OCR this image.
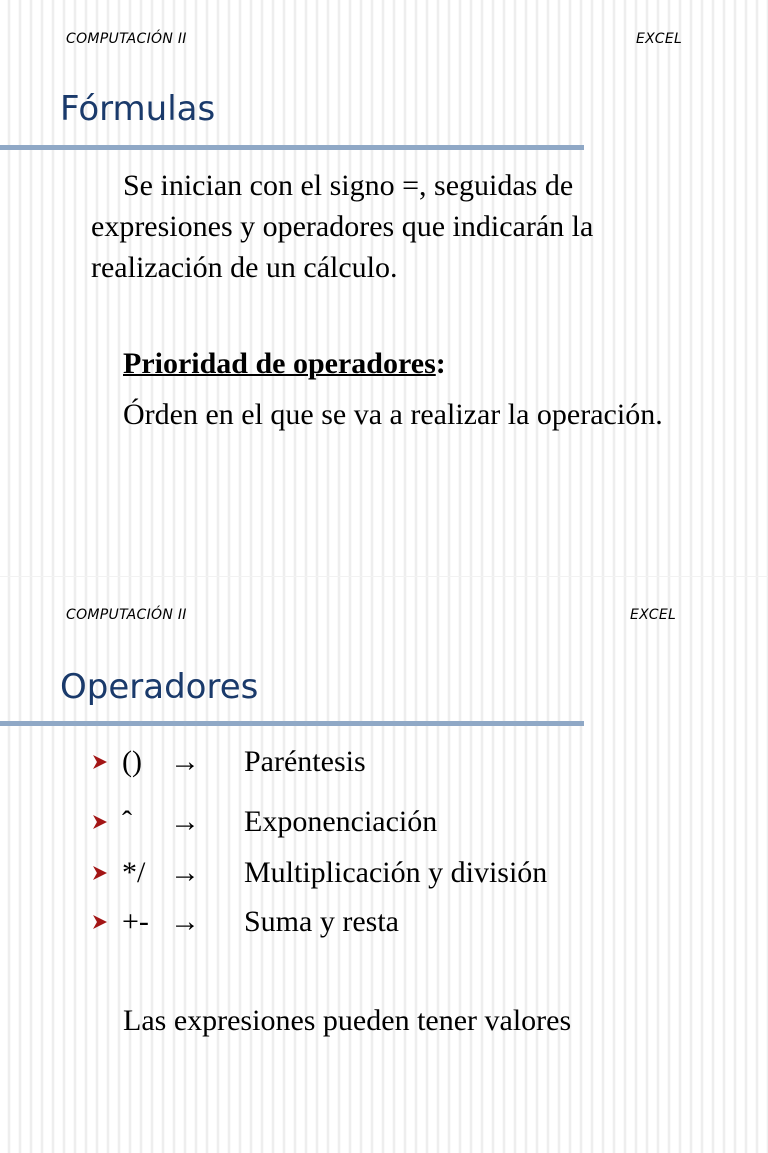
COMPUTACIÓN II	EXCEL
Fórmulas

Se inician con el signo =, seguidas de expresiones y operadores que indicarán la realización de un cálculo.

Prioridad de operadores:

Órden en el que se va a realizar la operación.

COMPUTACIÓN II	EXCEL
Operadores
() → Paréntesis
ˆ → Exponenciación
*/ → Multiplicación y división
+- → Suma y resta

Las expresiones pueden tener valores
